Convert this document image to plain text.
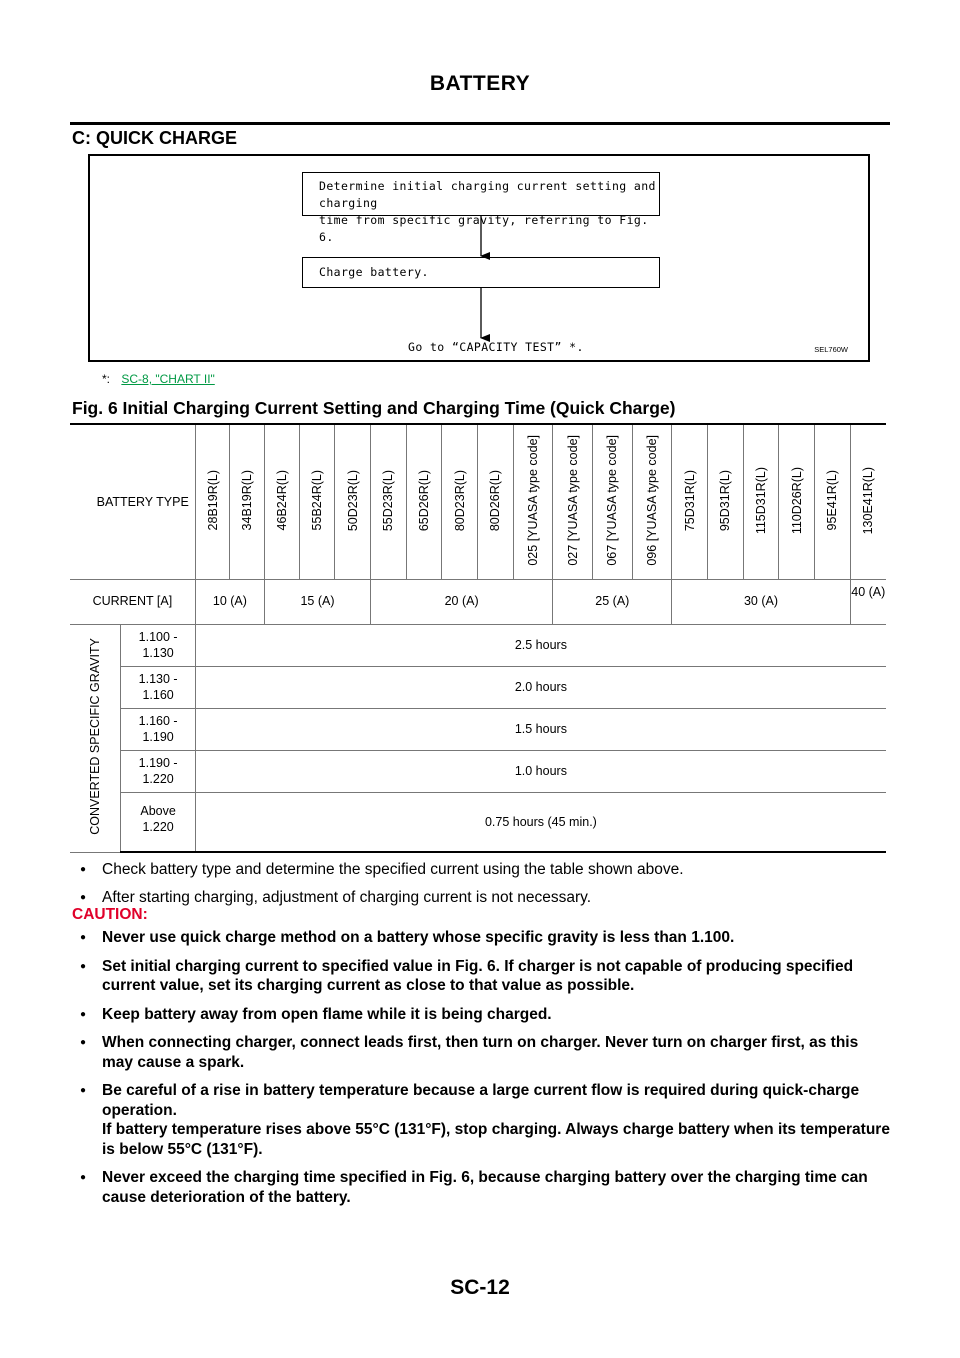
BATTERY
C: QUICK CHARGE
Determine initial charging current setting and charging
time from specific gravity, referring to Fig. 6.
Charge battery.
Go to “CAPACITY TEST” *.	SEL760W
*: SC-8, "CHART II"
Fig. 6 Initial Charging Current Setting and Charging Time (Quick Charge)
BATTERY TYPE		28B19R(L)	34B19R(L)	46B24R(L)	55B24R(L)	50D23R(L)	55D23R(L)	65D26R(L)	80D23R(L)	80D26R(L)	025 [YUASA type code]	027 [YUASA type code]	067 [YUASA type code]	096 [YUASA type code]	75D31R(L)	95D31R(L)	115D31R(L)	110D26R(L)	95E41R(L)	130E41R(L)
CURRENT [A]		10 (A)		15 (A)			20 (A)					25 (A)			30 (A)					40 (A)
CONVERTED SPECIFIC GRAVITY	1.100 -
1.130	2.5 hours																		

	1.130 -
1.160	2.0 hours																		

	1.160 -
1.190	1.5 hours																		

	1.190 -
1.220	1.0 hours																		

	Above
1.220	0.75 hours (45 min.)																		
● Check battery type and determine the specified current using the table shown above.
● After starting charging, adjustment of charging current is not necessary.
CAUTION:
● Never use quick charge method on a battery whose specific gravity is less than 1.100.
● Set initial charging current to specified value in Fig. 6. If charger is not capable of producing specified current value, set its charging current as close to that value as possible.
● Keep battery away from open flame while it is being charged.
● When connecting charger, connect leads first, then turn on charger. Never turn on charger first, as this may cause a spark.
● Be careful of a rise in battery temperature because a large current flow is required during quick-charge operation.
If battery temperature rises above 55°C (131°F), stop charging. Always charge battery when its temperature is below 55°C (131°F).
● Never exceed the charging time specified in Fig. 6, because charging battery over the charging time can cause deterioration of the battery.
SC-12
